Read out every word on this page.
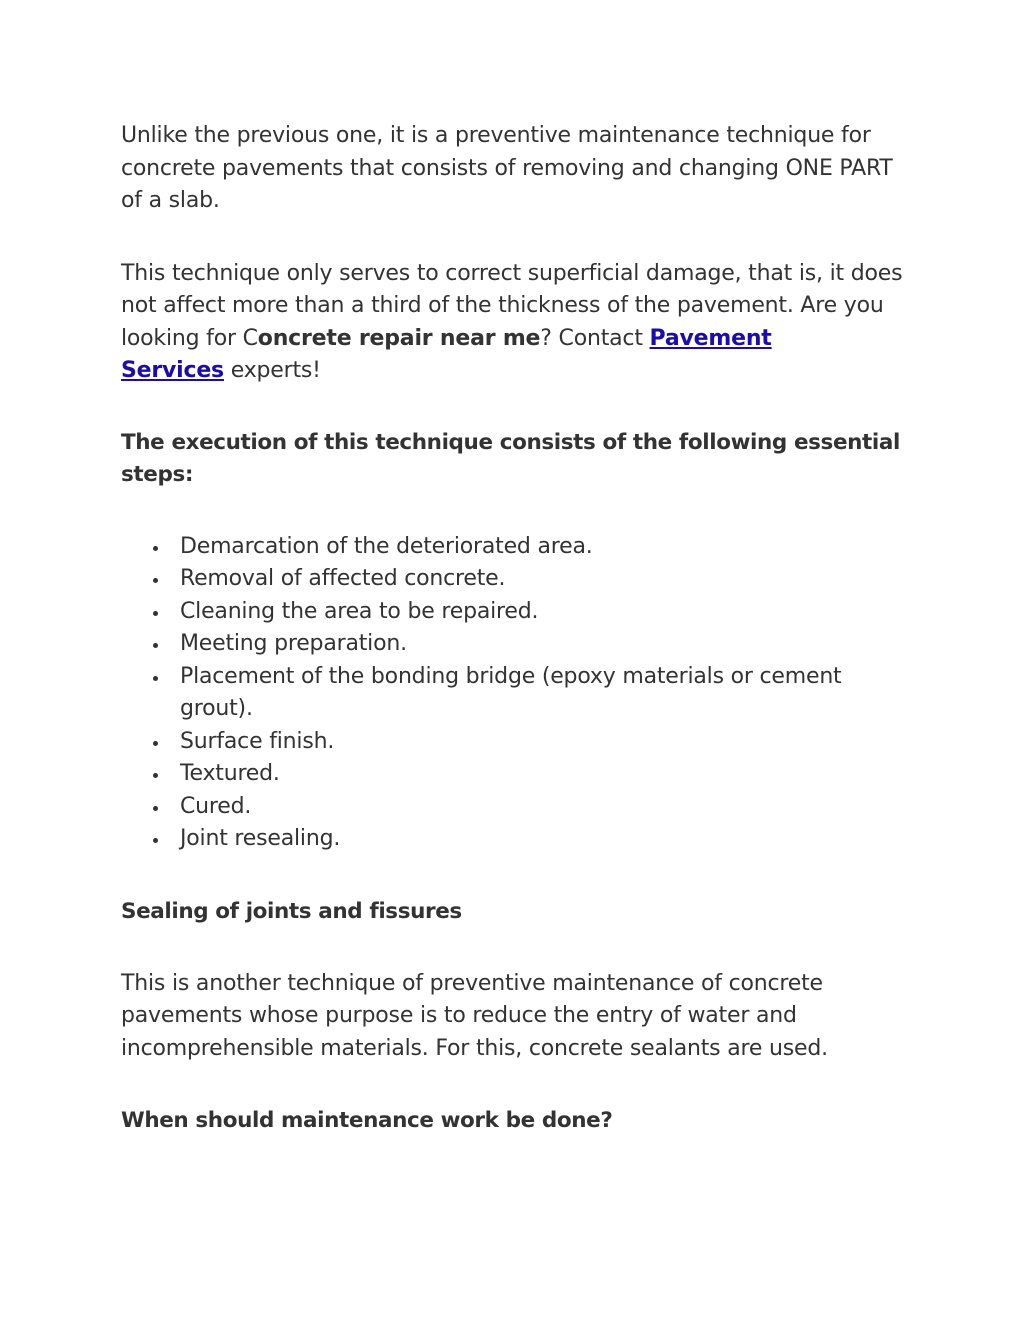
Unlike the previous one, it is a preventive maintenance technique for concrete pavements that consists of removing and changing ONE PART of a slab.

This technique only serves to correct superficial damage, that is, it does not affect more than a third of the thickness of the pavement. Are you looking for Concrete repair near me? Contact Pavement
Services experts!

The execution of this technique consists of the following essential steps:

Demarcation of the deteriorated area.
Removal of affected concrete.
Cleaning the area to be repaired.
Meeting preparation.
Placement of the bonding bridge (epoxy materials or cement grout).
Surface finish.
Textured.
Cured.
Joint resealing.

Sealing of joints and fissures

This is another technique of preventive maintenance of concrete pavements whose purpose is to reduce the entry of water and incomprehensible materials. For this, concrete sealants are used.

When should maintenance work be done?
